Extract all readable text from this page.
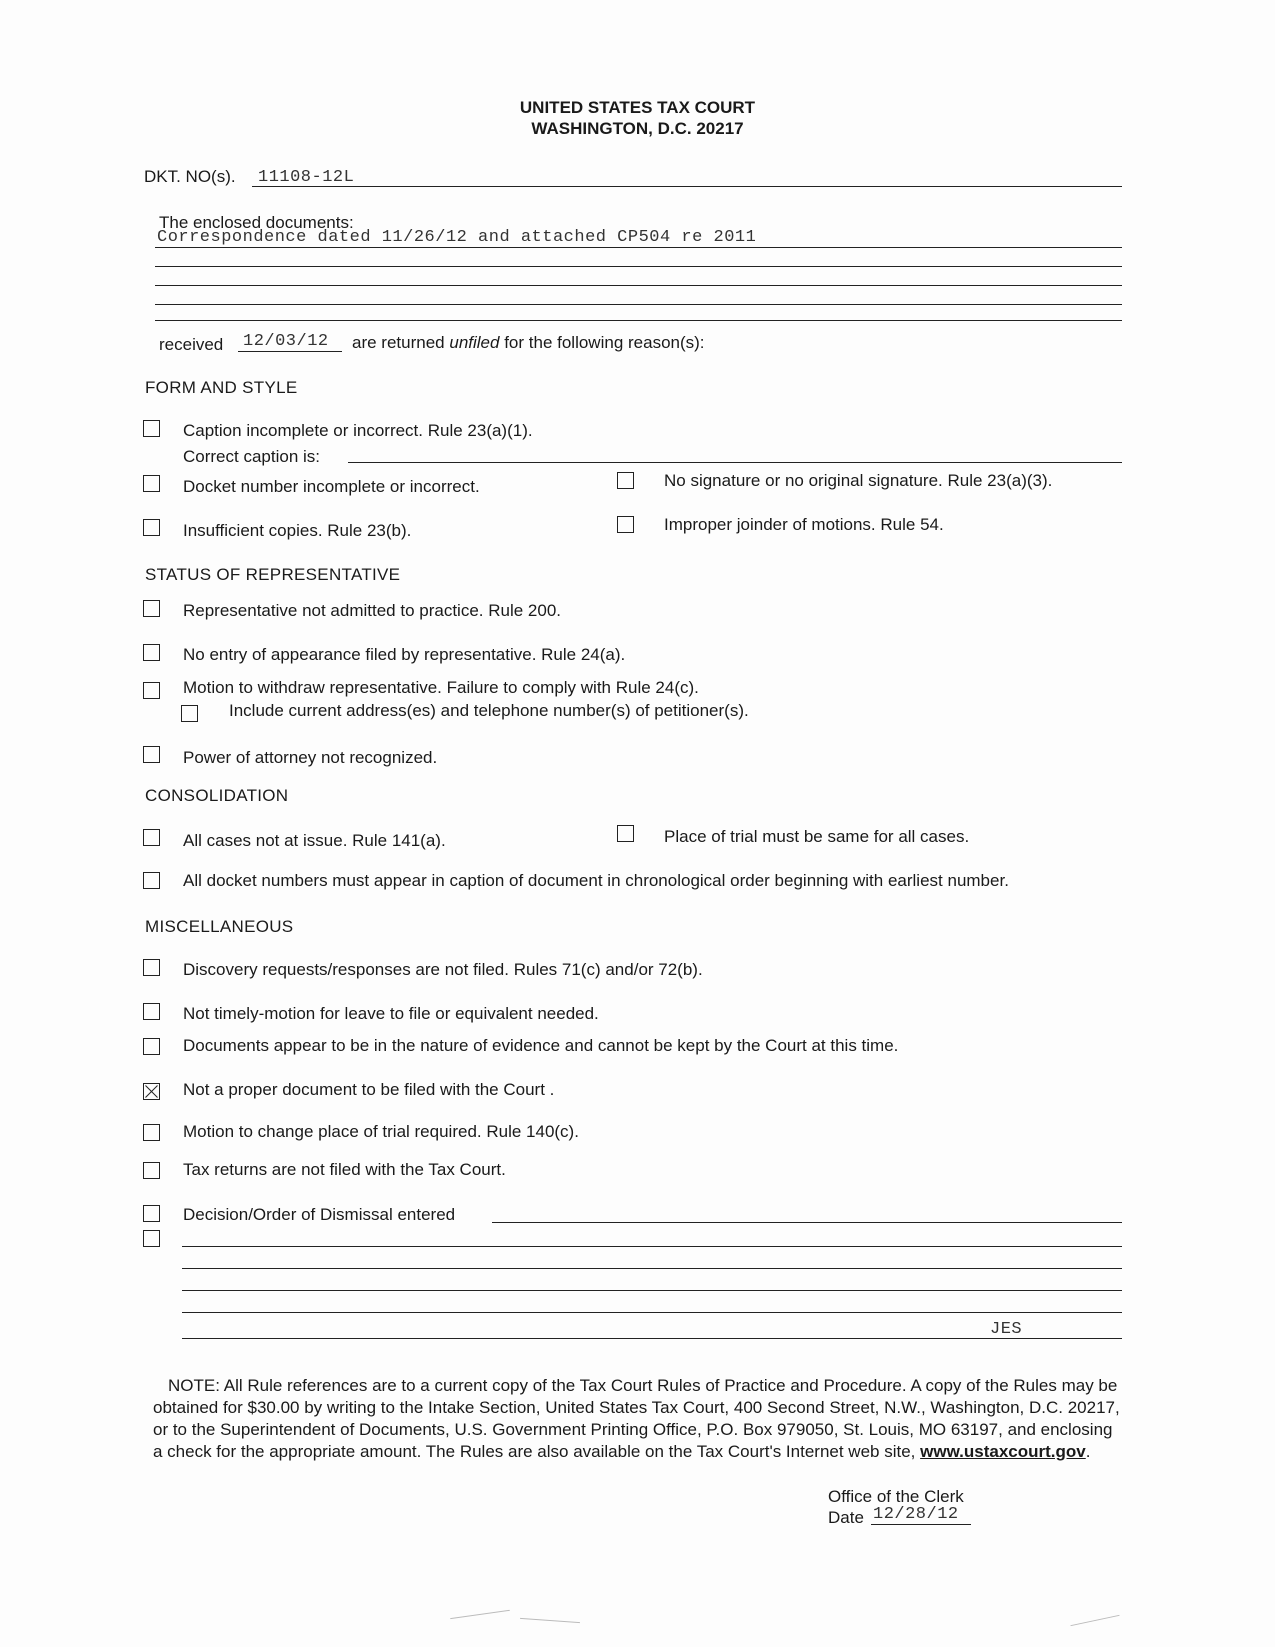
UNITED STATES TAX COURT
WASHINGTON, D.C. 20217
DKT. NO(s). 11108-12L
The enclosed documents:
Correspondence dated 11/26/12 and attached CP504 re 2011
received 12/03/12 are returned unfiled for the following reason(s):
FORM AND STYLE
Caption incomplete or incorrect. Rule 23(a)(1).
Correct caption is:
Docket number incomplete or incorrect.	No signature or no original signature. Rule 23(a)(3).
Insufficient copies. Rule 23(b).	Improper joinder of motions. Rule 54.
STATUS OF REPRESENTATIVE
Representative not admitted to practice. Rule 200.
No entry of appearance filed by representative. Rule 24(a).
Motion to withdraw representative. Failure to comply with Rule 24(c).
Include current address(es) and telephone number(s) of petitioner(s).
Power of attorney not recognized.
CONSOLIDATION
All cases not at issue. Rule 141(a).	Place of trial must be same for all cases.
All docket numbers must appear in caption of document in chronological order beginning with earliest number.
MISCELLANEOUS
Discovery requests/responses are not filed. Rules 71(c) and/or 72(b).
Not timely-motion for leave to file or equivalent needed.
Documents appear to be in the nature of evidence and cannot be kept by the Court at this time.
Not a proper document to be filed with the Court .
Motion to change place of trial required. Rule 140(c).
Tax returns are not filed with the Tax Court.
Decision/Order of Dismissal entered
JES
NOTE: All Rule references are to a current copy of the Tax Court Rules of Practice and Procedure. A copy of the Rules may be obtained for $30.00 by writing to the Intake Section, United States Tax Court, 400 Second Street, N.W., Washington, D.C. 20217, or to the Superintendent of Documents, U.S. Government Printing Office, P.O. Box 979050, St. Louis, MO 63197, and enclosing a check for the appropriate amount. The Rules are also available on the Tax Court's Internet web site, www.ustaxcourt.gov.
Office of the Clerk
Date 12/28/12
